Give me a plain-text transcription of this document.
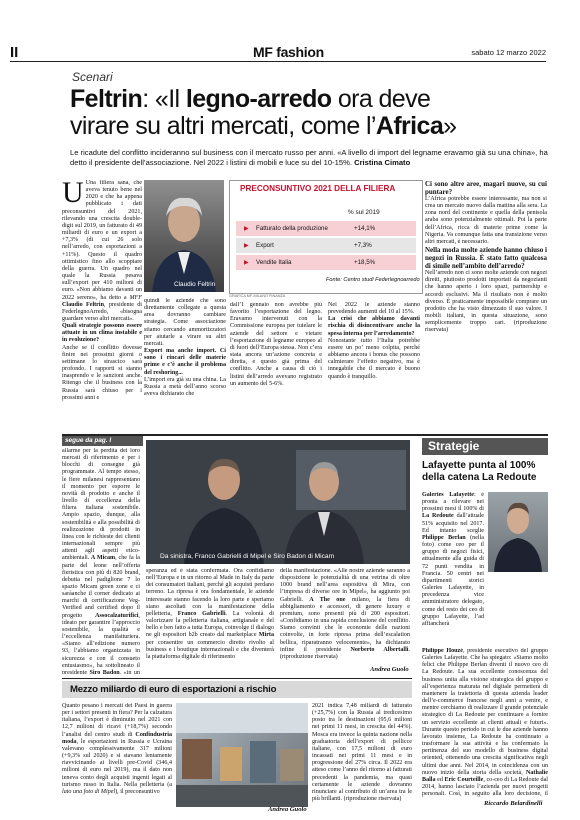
II	MF fashion	sabato 12 marzo 2022
Scenari
Feltrin: «Il legno-arredo ora deve
virare su altri mercati, come l’Africa»
Le ricadute del conflitto incideranno sul business con il mercato russo per anni. «A livello di import del legname eravamo già su una china», ha detto il presidente dell’associazione. Nel 2022 i listini di mobili e luce su del 10-15%. Cristina Cimato
Claudio Feltrin
U Una filiera sana, che aveva tenuto bene nel 2020 e che ha appena pubblicato i dati preconsuntivi del 2021, rilevando una crescita double-digit sul 2019, un fatturato di 49 miliardi di euro e un export a +7,3% (di cui 26 solo nell’arredo, con esportazioni a +11%). Questo il quadro ottimistico fino allo scoppiare della guerra. Un quadro nel quale la Russia pesava sull’export per 410 milioni di euro. «Non abbiamo davanti un 2022 sereno», ha detto a MFF Claudio Feltrin, presidente di FederlegnoArredo, «bisogna guardare verso altri mercati».

Quali strategie possono essere attuate in un clima instabile e in evoluzione?

Anche se il conflitto dovesse finire nei prossimi giorni o settimane lo strascico sarà profondo. I rapporti si stanno inasprendo e le sanzioni anche. Ritengo che il business con la Russia sarà chiuso per i prossimi anni e

quindi le aziende che sono direttamente collegate a questa area dovranno cambiare strategia. Come associazione stiamo cercando ammortizzatori per aiutarle a virare su altri mercati.

Export ma anche import. Ci sono i rincari delle materie prime e c’è anche il problema del reshoring...

L’import era già su una china. La Russia a metà dell’anno scorso aveva dichiarato che

PRECONSUNTIVO 2021 DELLA FILIERA
% sul 2019
▶ Fatturato della produzione	+14,1%
▶ Export	+7,3%
▶ Vendite Italia	+18,5%
Fonte: Centro studi Federlegnoarredo
GRAFICA MF-MILANO FINANZA

dall’1 gennaio non avrebbe più favorito l’esportazione del legno. Eravamo intervenuti con la Commissione europea per tutelare le aziende del settore e vietare l’esportazione di legname europeo al di fuori dell’Europa stessa. Non c’era stata ancora un’azione concreta e diretta, e questo già prima del conflitto. Anche a causa di ciò i listini dell’arredo avevano registrato un aumento del 5-6%.

Nel 2022 le aziende stanno prevedendo aumenti del 10 al 15%.

La crisi che abbiamo davanti rischia di disincentivare anche la spesa interna per l’arredamento?

Nonostante tutto l’Italia potrebbe essere un po’ meno colpita, perché abbiamo ancora i bonus che possono calmierare l’effetto negativo, ma è innegabile che il mercato è buono quando è tranquillo.

Ci sono altre aree, magari nuove, su cui puntare?

L’Africa potrebbe essere interessante, ma non si crea un mercato nuovo dalla mattina alla sera. La zona nord del continente e quella della penisola araba sono potenzialmente ottimali. Poi la parte dell’Africa, ricca di materie prime come la Nigeria. Va comunque fatta una transizione verso altri mercati, è necessario.

Nella moda molte aziende hanno chiuso i negozi in Russia. È stato fatto qualcosa di simile nell’ambito dell’arredo?

Nell’arredo non ci sono molte aziende con negozi diretti, piuttosto prodotti importati da negozianti che hanno aperto i loro spazi, partnership e accordi esclusivi. Ma il risultato non è molto diverso. È praticamente impossibile comprare un prodotto che ha visto dimezzato il suo valore. I mobili italiani, in questa situazione, sono semplicemente troppo cari. (riproduzione riservata)

segue da pag. I
allarme per la perdita dei loro mercati di riferimento e per i blocchi di consegne già programmate. Al tempo stesso, le fiere milanesi rappresentano il momento per esporre le novità di prodotto e anche il livello di eccellenza della filiera italiana sostenibile. Ampio spazio, dunque, alla sostenibilità e alla possibilità di realizzazione di prodotti in linea con le richieste dei clienti internazionali sempre più attenti agli aspetti etico-ambientali. A Micam, che fa la parte del leone nell’offerta fieristica con più di 820 brand, debutta nel padiglione 7 lo spazio Micam green zone e ci saràanche il corner dedicato ai marchi di certificazione Veg-Verified and certified dopo il progetto Assocalzaturifici, ideato per garantire l’approccio sostenibile, la qualità e l’eccellenza manifatturiera. «Siamo all’edizione numero 93, l’abbiamo organizzata in sicurezza e con il consueto entusiasmo», ha sottolineato il presidente Siro Badon, «in un
Da sinistra, Franco Gabrielli di Mipel e Siro Badon di Micam
speranza ed è stata confermata. Ora confidiamo nell’Europa e in un ritorno al Made in Italy da parte dei consumatori italiani, perché gli acquisti perdano terreno. La ripresa è ora fondamentale, le aziende interessate stanno facendo la loro parte e speriamo siano ascoltati con la manifestazione della pelletteria, Franco Gabrielli. La volontà di valorizzare la pelletteria italiana, artigianale e del bello e ben fatto a tutta Europa, coinvolge il dialogo ne gli espositori b2b creato dal marketplace Mirta per consentire un commercio diretto rivolto al business e i boutique internazionali e che diventerà la piattaforma digitale di riferimento
della manifestazione. «Alle nostre aziende saranno a disposizione le potenzialità di una vetrina di oltre 1000 brand nell’area espositiva di Mira, con l’impresa di diverse ore in Mipel», ha aggiunto poi Gabrielli. A The one milano, la fiera di abbigliamento e accessori, di genere luxury e premium, sono presenti più di 200 espositori. «Confidiamo in una rapida conclusione del conflitto. Siamo convinti che le economie delle nazioni coinvolte, in forte ripresa prima dell’escalation bellica, riparatranno velocemente», ha dichiarato infine il presidente Norberto Albertalli. (riproduzione riservata)
Andrea Guolo
Mezzo miliardo di euro di esportazioni a rischio
Quanto pesano i mercati dei Paesi in guerra per i settori presenti in fiera? Per la calzatura italiana, l’export è diminuito nel 2021 con 12,7 milioni di ricavi (+18,7%) secondo l’analisi del centro studi di Confindustria moda, le esportazioni in Russia e Ucraina valevano complessivamente 317 milioni (+9,3% sul 2020) e si stavano lentamente riavvicinando ai livelli pre-Covid (346,4 milioni di euro nel 2019), ma il dato non teneva conto degli acquisti ingenti legati al turismo russo in Italia. Nella pelletteria (a lato una foto di Mipel), il preconsuntivo
2021 indica 7,48 miliardi di fatturato (+25,7%) con la Russia al tredicesimo posto tra le destinazioni (95,6 milioni nei primi 11 mesi, in crescita del 44%). Mosca era invece la quinta nazione nella graduatoria dell’export di pellicce italiane, con 17,5 milioni di euro incassati nei primi 11 mesi e in progressione del 27% circa. Il 2022 era atteso come l’anno del ritorno ai fatturati precedenti la pandemia, ma quasi certamente le aziende dovranno rinunciare al contributo di un’area tra le più brillanti. (riproduzione riservata)
Andrea Guolo
Strategie
Lafayette punta al 100% della catena La Redoute
Galeries Lafayette: è pronta a rilevare nei prossimi mesi il 100% di La Redoute dall’attuale 51% acquisito nel 2017. Ed intanto sceglie Philippe Berlan (nella foto) come ceo per il gruppo di negozi fisici, attualmente alla guida di 72 punti vendita in Francia. 50 centri nei dipartimenti storici Galeries Lafayette, in precedenza vice amministratore delegato, come del resto dei ceo di gruppo Lafayette, l’ad affiancherà
Philippe Houzé, presidente esecutivo del gruppo Galeries Lafayette. Che ha spiegato: «Siamo molto felici che Philippe Berlan diventi il nuovo ceo di La Redoute. La sua eccellente conoscenza del business unita alla visione strategica del gruppo e all’esperienza maturata nel digitale permetterà di mantenere la traiettoria di questa azienda leader dell’e-commerce francese negli anni a venire, e mentre cerchiamo di realizzare il grande potenziale strategico di La Redoute per continuare a fornire un servizio eccellente ai clienti attuali e futuri». Durante questo periodo in cui le due aziende hanno lavorato insieme, La Redoute ha continuato a trasformare la sua attività e ha confermato la pertinenza del suo modello di business digital oriented, ottenendo una crescita significativa negli ultimi due anni. Nel 2014, in coincidenza con un nuovo inizio della storia della società, Nathalie Balla ed Eric Courteille, co-ceo di La Redoute dal 2014, hanno lasciato l’azienda per nuovi progetti personali. Così, in seguito alla loro decisione, il
Riccardo Belardinelli
